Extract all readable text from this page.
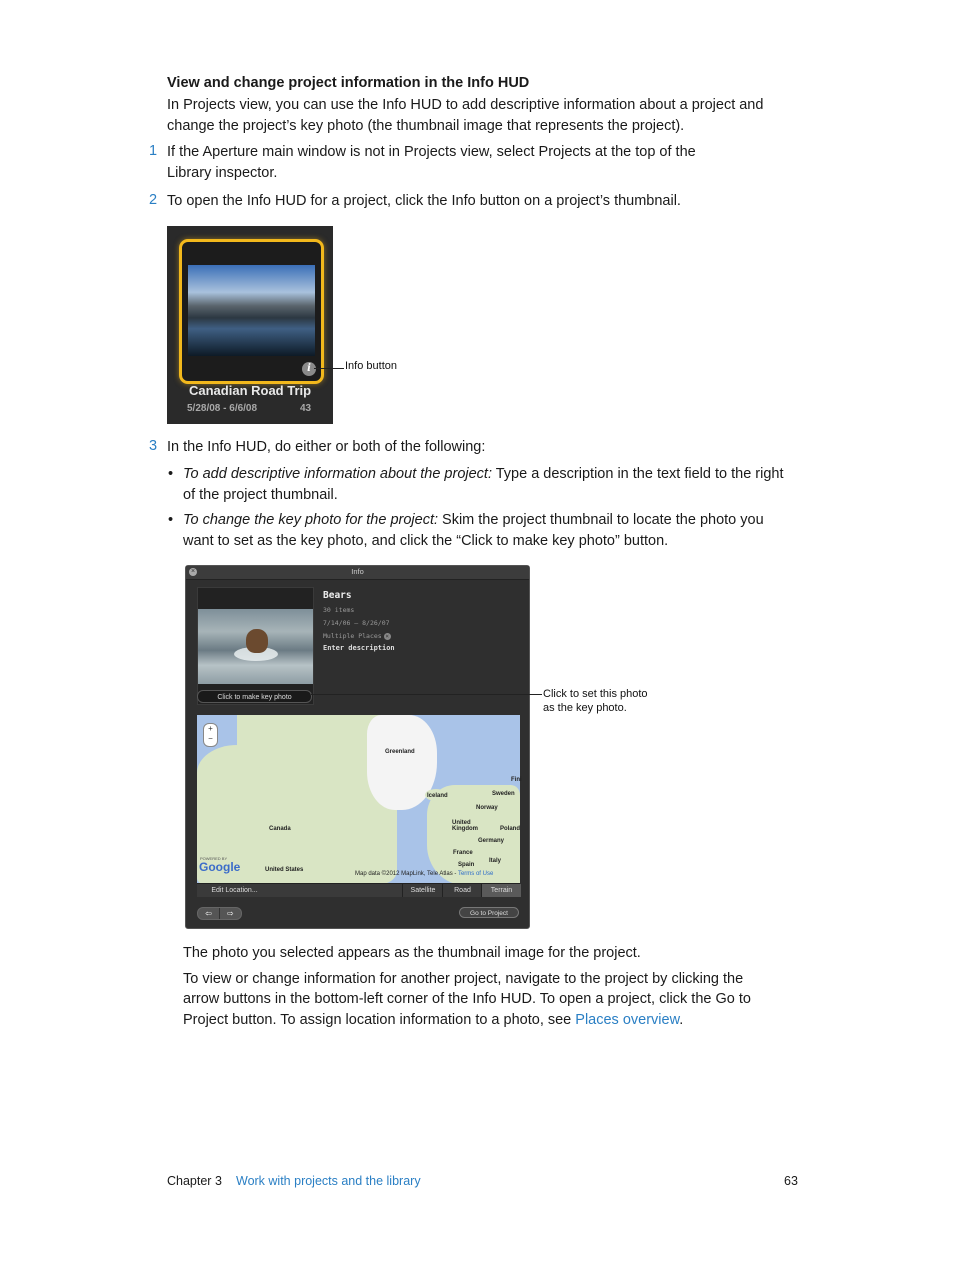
View and change project information in the Info HUD
In Projects view, you can use the Info HUD to add descriptive information about a project and change the project’s key photo (the thumbnail image that represents the project).
1 If the Aperture main window is not in Projects view, select Projects at the top of the
Library inspector.
2 To open the Info HUD for a project, click the Info button on a project’s thumbnail.
i
Canadian Road Trip
5/28/08 - 6/6/08	43
Info button
3 In the Info HUD, do either or both of the following:
• To add descriptive information about the project: Type a description in the text field to the right
of the project thumbnail.
• To change the key photo for the project: Skim the project thumbnail to locate the photo you
want to set as the key photo, and click the “Click to make key photo” button.
×	Info
Click to make key photo
Bears
30 items
7/14/06 – 8/26/07
Multiple Places ×
Enter description
+
−
Greenland
Iceland	Sweden
Norway
Fini
United Kingdom	Poland
Germany
France
Italy
Spain
Canada
United States
POWERED BY
Google	Map data ©2012 MapLink, Tele Atlas - Terms of Use
Edit Location...	Satellite	Road	Terrain
⇦	⇨	Go to Project
Click to set this photo
as the key photo.
The photo you selected appears as the thumbnail image for the project.
To view or change information for another project, navigate to the project by clicking the
arrow buttons in the bottom-left corner of the Info HUD. To open a project, click the Go to
Project button. To assign location information to a photo, see Places overview.
Chapter 3 Work with projects and the library	63
